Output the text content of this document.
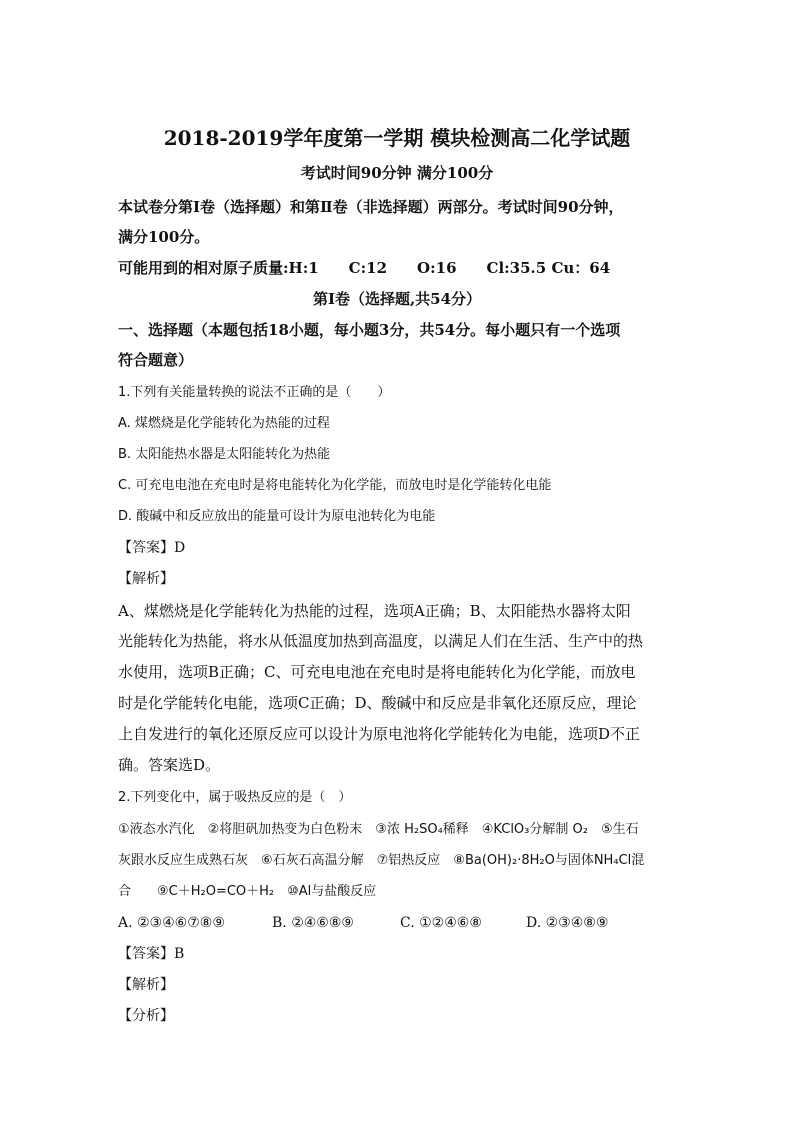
2018-2019学年度第一学期 模块检测高二化学试题
考试时间90分钟 满分100分
本试卷分第Ⅰ卷（选择题）和第Ⅱ卷（非选择题）两部分。考试时间90分钟，
满分100分。
可能用到的相对原子质量:H:1　　C:12　　O:16　　Cl:35.5 Cu：64
第Ⅰ卷（选择题,共54分）
一、选择题（本题包括18小题，每小题3分，共54分。每小题只有一个选项
符合题意）
1.下列有关能量转换的说法不正确的是（　　）
A. 煤燃烧是化学能转化为热能的过程
B. 太阳能热水器是太阳能转化为热能
C. 可充电电池在充电时是将电能转化为化学能，而放电时是化学能转化电能
D. 酸碱中和反应放出的能量可设计为原电池转化为电能
【答案】D
【解析】
A、煤燃烧是化学能转化为热能的过程，选项A正确；B、太阳能热水器将太阳
光能转化为热能，将水从低温度加热到高温度，以满足人们在生活、生产中的热
水使用，选项B正确；C、可充电电池在充电时是将电能转化为化学能，而放电
时是化学能转化电能，选项C正确；D、酸碱中和反应是非氧化还原反应，理论
上自发进行的氧化还原反应可以设计为原电池将化学能转化为电能，选项D不正
确。答案选D。
2.下列变化中，属于吸热反应的是（　）
①液态水汽化　②将胆矾加热变为白色粉末　③浓 H₂SO₄稀释　④KClO₃分解制 O₂　⑤生石
灰跟水反应生成熟石灰　⑥石灰石高温分解　⑦铝热反应　⑧Ba(OH)₂·8H₂O与固体NH₄Cl混
合　　⑨C＋H₂O=CO＋H₂　⑩Al与盐酸反应
A. ②③④⑥⑦⑧⑨	B. ②④⑥⑧⑨	C. ①②④⑥⑧	D. ②③④⑧⑨
【答案】B
【解析】
【分析】
